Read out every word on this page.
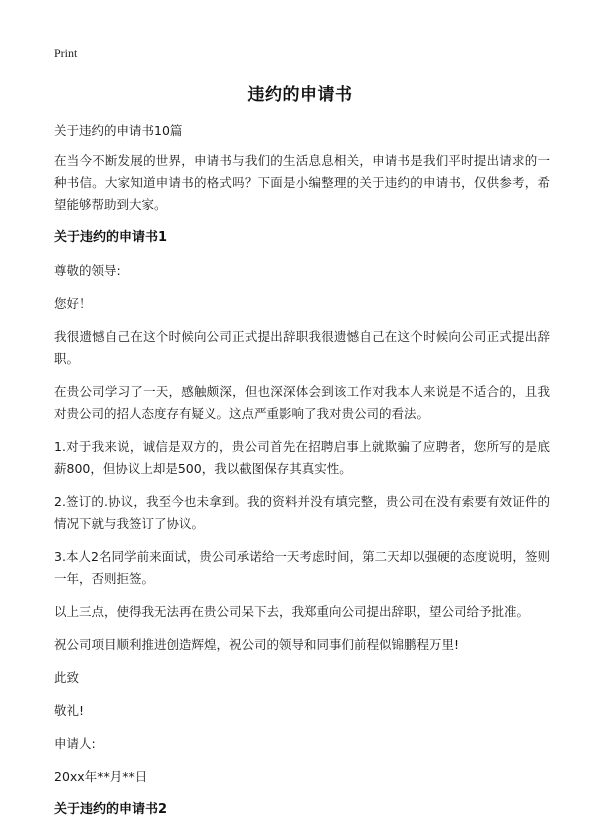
Print
违约的申请书

关于违约的申请书10篇

在当今不断发展的世界，申请书与我们的生活息息相关，申请书是我们平时提出请求的一种书信。大家知道申请书的格式吗？下面是小编整理的关于违约的申请书，仅供参考，希望能够帮助到大家。

关于违约的申请书1

尊敬的领导:

您好！

我很遗憾自己在这个时候向公司正式提出辞职我很遗憾自己在这个时候向公司正式提出辞职。

在贵公司学习了一天，感触颇深，但也深深体会到该工作对我本人来说是不适合的，且我对贵公司的招人态度存有疑义。这点严重影响了我对贵公司的看法。

1.对于我来说，诚信是双方的，贵公司首先在招聘启事上就欺骗了应聘者，您所写的是底薪800，但协议上却是500，我以截图保存其真实性。

2.签订的.协议，我至今也未拿到。我的资料并没有填完整，贵公司在没有索要有效证件的情况下就与我签订了协议。

3.本人2名同学前来面试，贵公司承诺给一天考虑时间，第二天却以强硬的态度说明，签则一年，否则拒签。

以上三点，使得我无法再在贵公司呆下去，我郑重向公司提出辞职，望公司给予批准。

祝公司项目顺利推进创造辉煌，祝公司的领导和同事们前程似锦鹏程万里!

此致

敬礼!

申请人:

20xx年**月**日

关于违约的申请书2
